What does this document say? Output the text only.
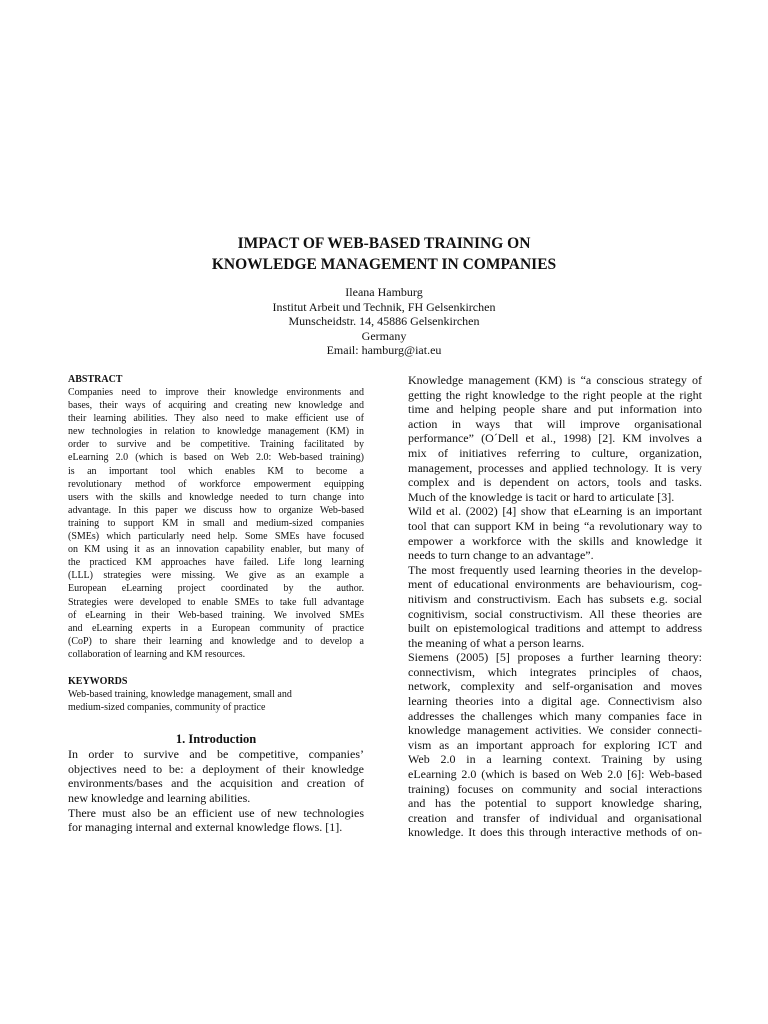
IMPACT OF WEB-BASED TRAINING ON
KNOWLEDGE MANAGEMENT IN COMPANIES
Ileana Hamburg
Institut Arbeit und Technik, FH Gelsenkirchen
Munscheidstr. 14, 45886 Gelsenkirchen
Germany
Email: hamburg@iat.eu
ABSTRACT
Companies need to improve their knowledge environments and
bases, their ways of acquiring and creating new knowledge and
their learning abilities. They also need to make efficient use of
new technologies in relation to knowledge management (KM) in
order to survive and be competitive. Training facilitated by
eLearning 2.0 (which is based on Web 2.0: Web-based training)
is an important tool which enables KM to become a
revolutionary method of workforce empowerment equipping
users with the skills and knowledge needed to turn change into
advantage. In this paper we discuss how to organize Web-based
training to support KM in small and medium-sized companies
(SMEs) which particularly need help. Some SMEs have focused
on KM using it as an innovation capability enabler, but many of
the practiced KM approaches have failed. Life long learning
(LLL) strategies were missing. We give as an example a
European eLearning project coordinated by the author.
Strategies were developed to enable SMEs to take full advantage
of eLearning in their Web-based training. We involved SMEs
and eLearning experts in a European community of practice
(CoP) to share their learning and knowledge and to develop a
collaboration of learning and KM resources.
KEYWORDS
Web-based training, knowledge management, small and
medium-sized companies, community of practice
1. Introduction
In order to survive and be competitive, companies’
objectives need to be: a deployment of their knowledge
environments/bases and the acquisition and creation of
new knowledge and learning abilities.
There must also be an efficient use of new technologies
for managing internal and external knowledge flows. [1].
Knowledge management (KM) is “a conscious strategy of
getting the right knowledge to the right people at the right
time and helping people share and put information into
action in ways that will improve organisational
performance” (O´Dell et al., 1998) [2]. KM involves a
mix of initiatives referring to culture, organization,
management, processes and applied technology. It is very
complex and is dependent on actors, tools and tasks.
Much of the knowledge is tacit or hard to articulate [3].
Wild et al. (2002) [4] show that eLearning is an important
tool that can support KM in being “a revolutionary way to
empower a workforce with the skills and knowledge it
needs to turn change to an advantage”.
The most frequently used learning theories in the develop-
ment of educational environments are behaviourism, cog-
nitivism and constructivism. Each has subsets e.g. social
cognitivism, social constructivism. All these theories are
built on epistemological traditions and attempt to address
the meaning of what a person learns.
Siemens (2005) [5] proposes a further learning theory:
connectivism, which integrates principles of chaos,
network, complexity and self-organisation and moves
learning theories into a digital age. Connectivism also
addresses the challenges which many companies face in
knowledge management activities. We consider connecti-
vism as an important approach for exploring ICT and
Web 2.0 in a learning context. Training by using
eLearning 2.0 (which is based on Web 2.0 [6]: Web-based
training) focuses on community and social interactions
and has the potential to support knowledge sharing,
creation and transfer of individual and organisational
knowledge. It does this through interactive methods of on-
